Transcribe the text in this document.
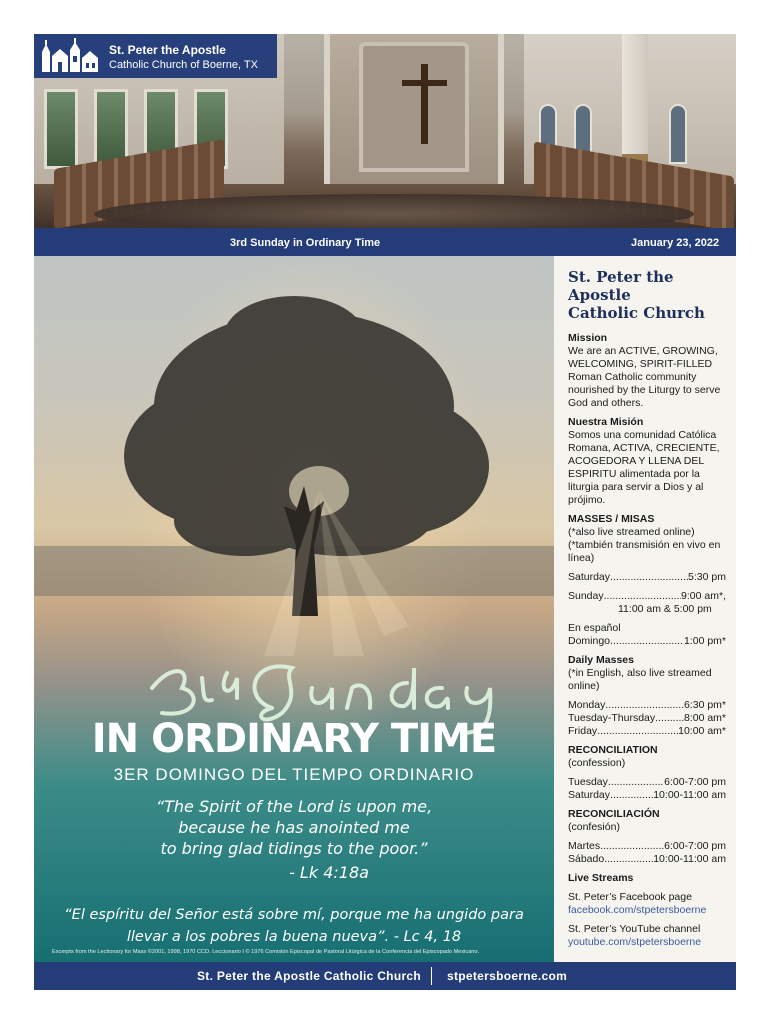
St. Peter the Apostle
Catholic Church of Boerne, TX
3rd Sunday in Ordinary Time	January 23, 2022
3rd Sunday
IN ORDINARY TIME
3ER DOMINGO DEL TIEMPO ORDINARIO
“The Spirit of the Lord is upon me,
because he has anointed me
to bring glad tidings to the poor.”
- Lk 4:18a
“El espíritu del Señor está sobre mí, porque me ha ungido para
llevar a los pobres la buena nueva”. - Lc 4, 18
Excerpts from the Lectionary for Mass ©2001, 1998, 1970 CCD. Leccionario I © 1976 Comisión Episcopal de Pastoral Litúrgica de la Conferencia del Episcopado Mexicano.
St. Peter the Apostle
Catholic Church
Mission
We are an ACTIVE, GROWING, WELCOMING, SPIRIT-FILLED Roman Catholic community nourished by the Liturgy to serve God and others.
Nuestra Misión
Somos una comunidad Católica Romana, ACTIVA, CRECIENTE, ACOGEDORA Y LLENA DEL ESPIRITU alimentada por la liturgia para servir a Dios y al prójimo.
MASSES / MISAS
(*also live streamed online)
(*también transmisión en vivo en línea)
Saturday .....	5:30 pm
Sunday .....	9:00 am*,
11:00 am & 5:00 pm
En español
Domingo .....	1:00 pm*
Daily Masses
(*in English, also live streamed online)
Monday .....	6:30 pm*
Tuesday-Thursday .....	8:00 am*
Friday .....	10:00 am*
RECONCILIATION
(confession)
Tuesday .....	6:00-7:00 pm
Saturday .....	10:00-11:00 am
RECONCILIACIÓN
(confesión)
Martes .....	6:00-7:00 pm
Sábado .....	10:00-11:00 am
Live Streams
St. Peter’s Facebook page
facebook.com/stpetersboerne
St. Peter’s YouTube channel
youtube.com/stpetersboerne
St. Peter the Apostle Catholic Church stpetersboerne.com
